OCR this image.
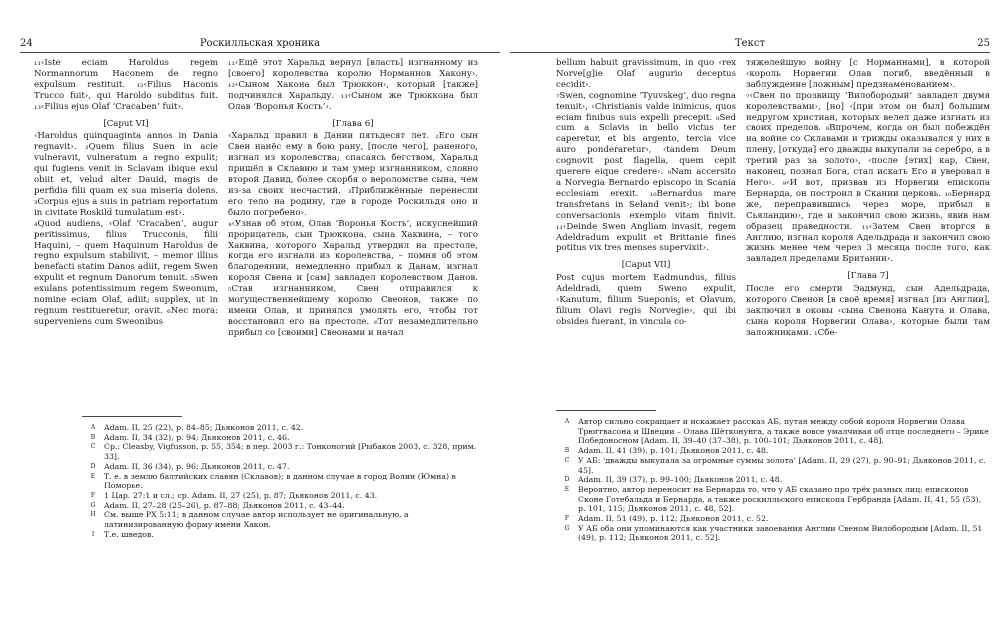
24	Роскилльская хроника

₁₁‹Iste eciam Haroldus regem Normannorum Haconem de regno expulsum restituit. ₁₂‹Filius Haconis Trucco fuit›, qui Haroldo subditus fuit. ₁₃‹Filius ejus Olaf ‘Cracaben’ fuit›.

[Caput VI]

‹Haroldus quinquaginta annos in Dania regnavit›. ₂Quem filius Suen in acie vulneravit, vulneratum a regno expulit; qui fugiens venit in Sclavam ibique exul obiit et, velud alter Dauid, magis de perfidia filii quam ex sua miseria dolens. ₃Corpus ejus a suis in patriam reportatum in civitate Roskild tumulatum est›.

₄Quod audiens, ‹Olaf ‘Cracaben’, augur peritissimus, filius Trucconis, filii Haquini, – quem Haquinum Haroldus de regno expulsum stabilivit, – memor illius benefacti statim Danos adiit, regem Swen expulit et regnum Danorum tenuit. ₅Swen exulans potentissimum regem Sweonum, nomine eciam Olaf, adiit; supplex, ut in regnum restitueretur, oravit. ₆Nec mora: superveniens cum Sweonibus

₁₁‹Ещё этот Харальд вернул [власть] изгнанному из [своего] королевства королю Норманнов Хакону›. ₁₂‹Сыном Хакона был Трюккон›, который [также] подчинялся Харальду. ₁₃‹Сыном же Трюккона был Олав ‘Воронья Кость’›.

[Глава 6]

‹Харальд правил в Дании пятьдесят лет. ₂Его сын Свен нанёс ему в бою рану, [после чего], раненого, изгнал из королевства; спасаясь бегством, Харальд пришёл в Склавию и там умер изгнанником, словно второй Давид, более скорбя о вероломстве сына, чем из-за своих несчастий. ₃Приближённые перенесли его тело на родину, где в городе Роскильдя оно и было погребено›.

₄‹Узнав об этом, Олав ‘Воронья Кость’, искуснейший прорицатель, сын Трюккона, сына Хаквина, – того Хаквина, которого Харальд утвердил на престоле, когда его изгнали из королевства, – помня об этом благодеянии, немедленно прибыл к Данам, изгнал короля Свена и [сам] завладел королевством Данов. ₅Став изгнанником, Свен отправился к могущественнейшему королю Свеонов, также по имени Олав, и принялся умолять его, чтобы тот восстановил его на престоле. ₆Тот незамедлительно прибыл со [своими] Свеонами и начал

A	Adam. II, 25 (22), p. 84–85; Дьяконов 2011, с. 42.
B	Adam. II, 34 (32), p. 94; Дьяконов 2011, с. 46.
C	Ср.: Cleasby, Vigfusson, p. 55, 354; в пер. 2003 г.: Тонконогий [Рыбаков 2003, с. 328, прим. 33].
D	Adam. II, 36 (34), p. 96; Дьяконов 2011, с. 47.
E	Т. е. в землю балтийских славян (Склавов); в данном случае в город Волин (Юмна) в Поморье.
F	1 Цар. 27:1 и сл.; ср. Adam. II, 27 (25), p. 87; Дьяконов 2011, с. 43.
G	Adam. II, 27–28 (25–26), p. 87–88; Дьяконов 2011, с. 43–44.
H	См. выше РХ 5:11; в данном случае автор использует не оригинальную, а латинизированную форму имени Хакон.
I	Т.е. шведов.
Текст	25

bellum habuit gravissimum, in quo ‹rex Norve[g]ie Olaf augurio deceptus cecidit›.

₇Swen, cognomine ‘Tyuvskeg’, duo regna tenuit›, ‹Christianis valde inimicus, quos eciam finibus suis expelli precepit. ₈Sed cum a Sclavis in bello victus ter caperetur, et bis argento, tercia vice auro ponderaretur›, ‹tandem Deum cognovit post flagella, quem cepit querere eique credere›. ₉Nam accersito a Norvegia Bernardo episcopo in Scania ecclesiam erexit. ₁₀Bernardus mare transfretans in Seland venit›; ibi bone conversacionis exemplo vitam finivit. ₁₁‹Deinde Swen Angliam invasit, regem Adeldradum expulit et Brittanie fines potitus vix tres menses supervixit›.

[Caput VII]

Post cujus mortem Eadmundus, filius Adeldradi, quem Sweno expulit, ‹Kanutum, filium Sueponis, et Olavum, filium Olavi regis Norvegie›, qui ibi obsides fuerant, in vincula co-

тяжелейшую войну [с Норманнами], в которой ‹король Норвегии Олав погиб, введённый в заблуждение [ложным] предзнаменованием›.

₇‹Свен по прозвищу ‘Вилобородый’ завладел двумя королевствами›, [но] ‹[при этом он был] большим недругом христиан, которых велел даже изгнать из своих пределов. ₈Впрочем, когда он был побеждён на войне со Склавами и трижды оказывался у них в плену, [откуда] его дважды выкупали за серебро, а в третий раз за золото›, ‹после [этих] кар, Свен, наконец, познал Бога, стал искать Его и уверовал в Него›. ₉‹И вот, призвав из Норвегии епископа Бернарда, он построил в Скании церковь. ₁₀Бернард же, переправившись через море, прибыл в Сьяландию›, где и закончил свою жизнь, явив нам образец праведности. ₁₁‹Затем Свен вторгся в Англию, изгнал короля Адельдрада и закончил свою жизнь менее чем через 3 месяца после того, как завладел пределами Британии›.

[Глава 7]

После его смерти Эадмунд, сын Адельдрада, которого Свенон [в своё время] изгнал [из Англии], заключил в оковы ‹сына Свенона Канута и Олава, сына короля Норвегии Олава›, которые были там заложниками. ₁Сбе-

A	Автор сильно сокращает и искажает рассказ АБ, путая между собой короля Норвегии Олава Трюггвасона и Швеции – Олава Шётконунга, а также вовсе умалчивая об отце последнего – Эрике Победоносном [Adam. II, 39–40 (37–38), p. 100–101; Дьяконов 2011, с. 48].
B	Adam. II, 41 (39), p. 101; Дьяконов 2011, с. 48.
C	У АБ: ‘дважды выкупала за огромные суммы золота’ [Adam. II, 29 (27), p. 90–91; Дьяконов 2011, с. 45].
D	Adam. II, 39 (37), p. 99–100; Дьяконов 2011, с. 48.
E	Вероятно, автор переносит на Бернарда то, что у АБ сказано про трёх разных лиц: епископов Сконе Готебальда и Бернарда, а также роскилльского епископа Гербранда [Adam. II, 41, 55 (53), p. 101, 115; Дьяконов 2011, с. 48, 52].
F	Adam. II, 51 (49), p. 112; Дьяконов 2011, с. 52.
G	У АБ оба они упоминаются как участники завоевания Англии Свеном Вилобородым [Adam. II, 51 (49), p. 112; Дьяконов 2011, с. 52].
